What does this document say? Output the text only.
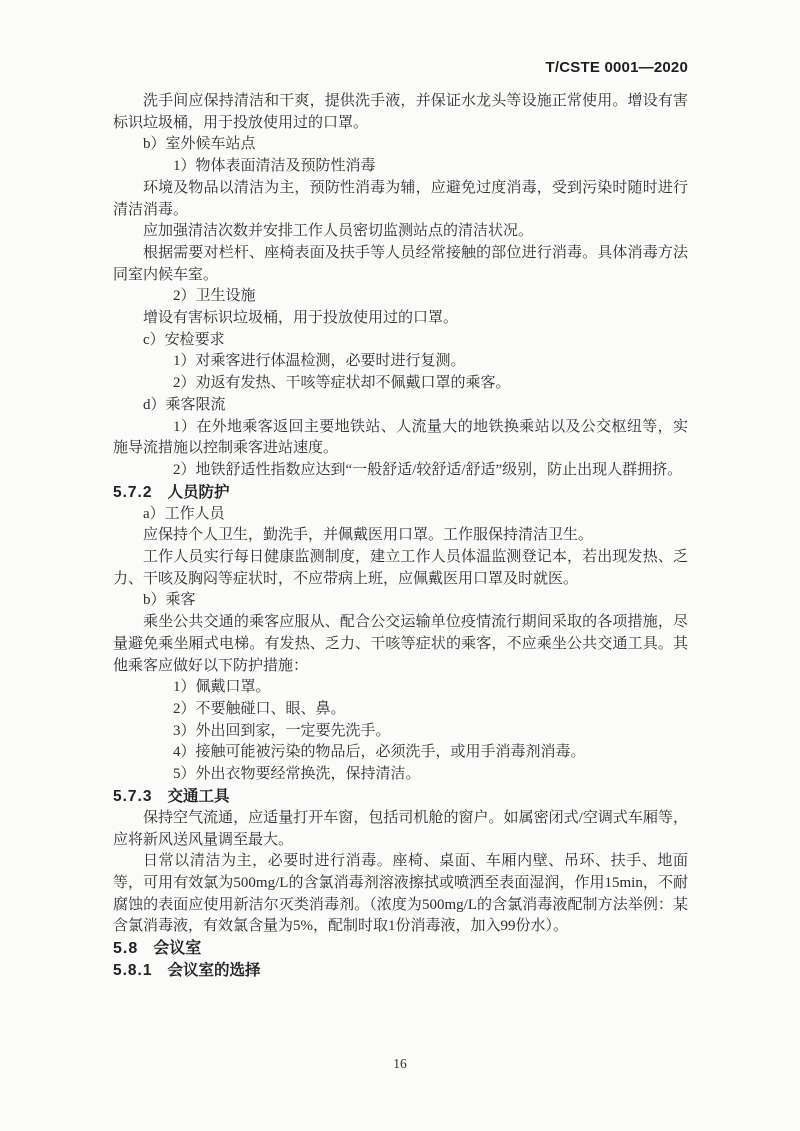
T/CSTE 0001—2020

洗手间应保持清洁和干爽，提供洗手液，并保证水龙头等设施正常使用。增设有害标识垃圾桶，用于投放使用过的口罩。

b）室外候车站点

1）物体表面清洁及预防性消毒

环境及物品以清洁为主，预防性消毒为辅，应避免过度消毒，受到污染时随时进行清洁消毒。

应加强清洁次数并安排工作人员密切监测站点的清洁状况。

根据需要对栏杆、座椅表面及扶手等人员经常接触的部位进行消毒。具体消毒方法同室内候车室。

2）卫生设施

增设有害标识垃圾桶，用于投放使用过的口罩。

c）安检要求

1）对乘客进行体温检测，必要时进行复测。

2）劝返有发热、干咳等症状却不佩戴口罩的乘客。

d）乘客限流

1）在外地乘客返回主要地铁站、人流量大的地铁换乘站以及公交枢纽等，实施导流措施以控制乘客进站速度。

2）地铁舒适性指数应达到“一般舒适/较舒适/舒适”级别，防止出现人群拥挤。

5.7.2 人员防护

a）工作人员

应保持个人卫生，勤洗手，并佩戴医用口罩。工作服保持清洁卫生。

工作人员实行每日健康监测制度，建立工作人员体温监测登记本，若出现发热、乏力、干咳及胸闷等症状时，不应带病上班，应佩戴医用口罩及时就医。

b）乘客

乘坐公共交通的乘客应服从、配合公交运输单位疫情流行期间采取的各项措施，尽量避免乘坐厢式电梯。有发热、乏力、干咳等症状的乘客，不应乘坐公共交通工具。其他乘客应做好以下防护措施：

1）佩戴口罩。

2）不要触碰口、眼、鼻。

3）外出回到家，一定要先洗手。

4）接触可能被污染的物品后，必须洗手，或用手消毒剂消毒。

5）外出衣物要经常换洗，保持清洁。

5.7.3 交通工具

保持空气流通，应适量打开车窗，包括司机舱的窗户。如属密闭式/空调式车厢等，应将新风送风量调至最大。

日常以清洁为主，必要时进行消毒。座椅、桌面、车厢内壁、吊环、扶手、地面等，可用有效氯为500mg/L的含氯消毒剂溶液擦拭或喷洒至表面湿润，作用15min，不耐腐蚀的表面应使用新洁尔灭类消毒剂。（浓度为500mg/L的含氯消毒液配制方法举例：某含氯消毒液，有效氯含量为5%，配制时取1份消毒液，加入99份水）。

5.8 会议室
5.8.1 会议室的选择
16
